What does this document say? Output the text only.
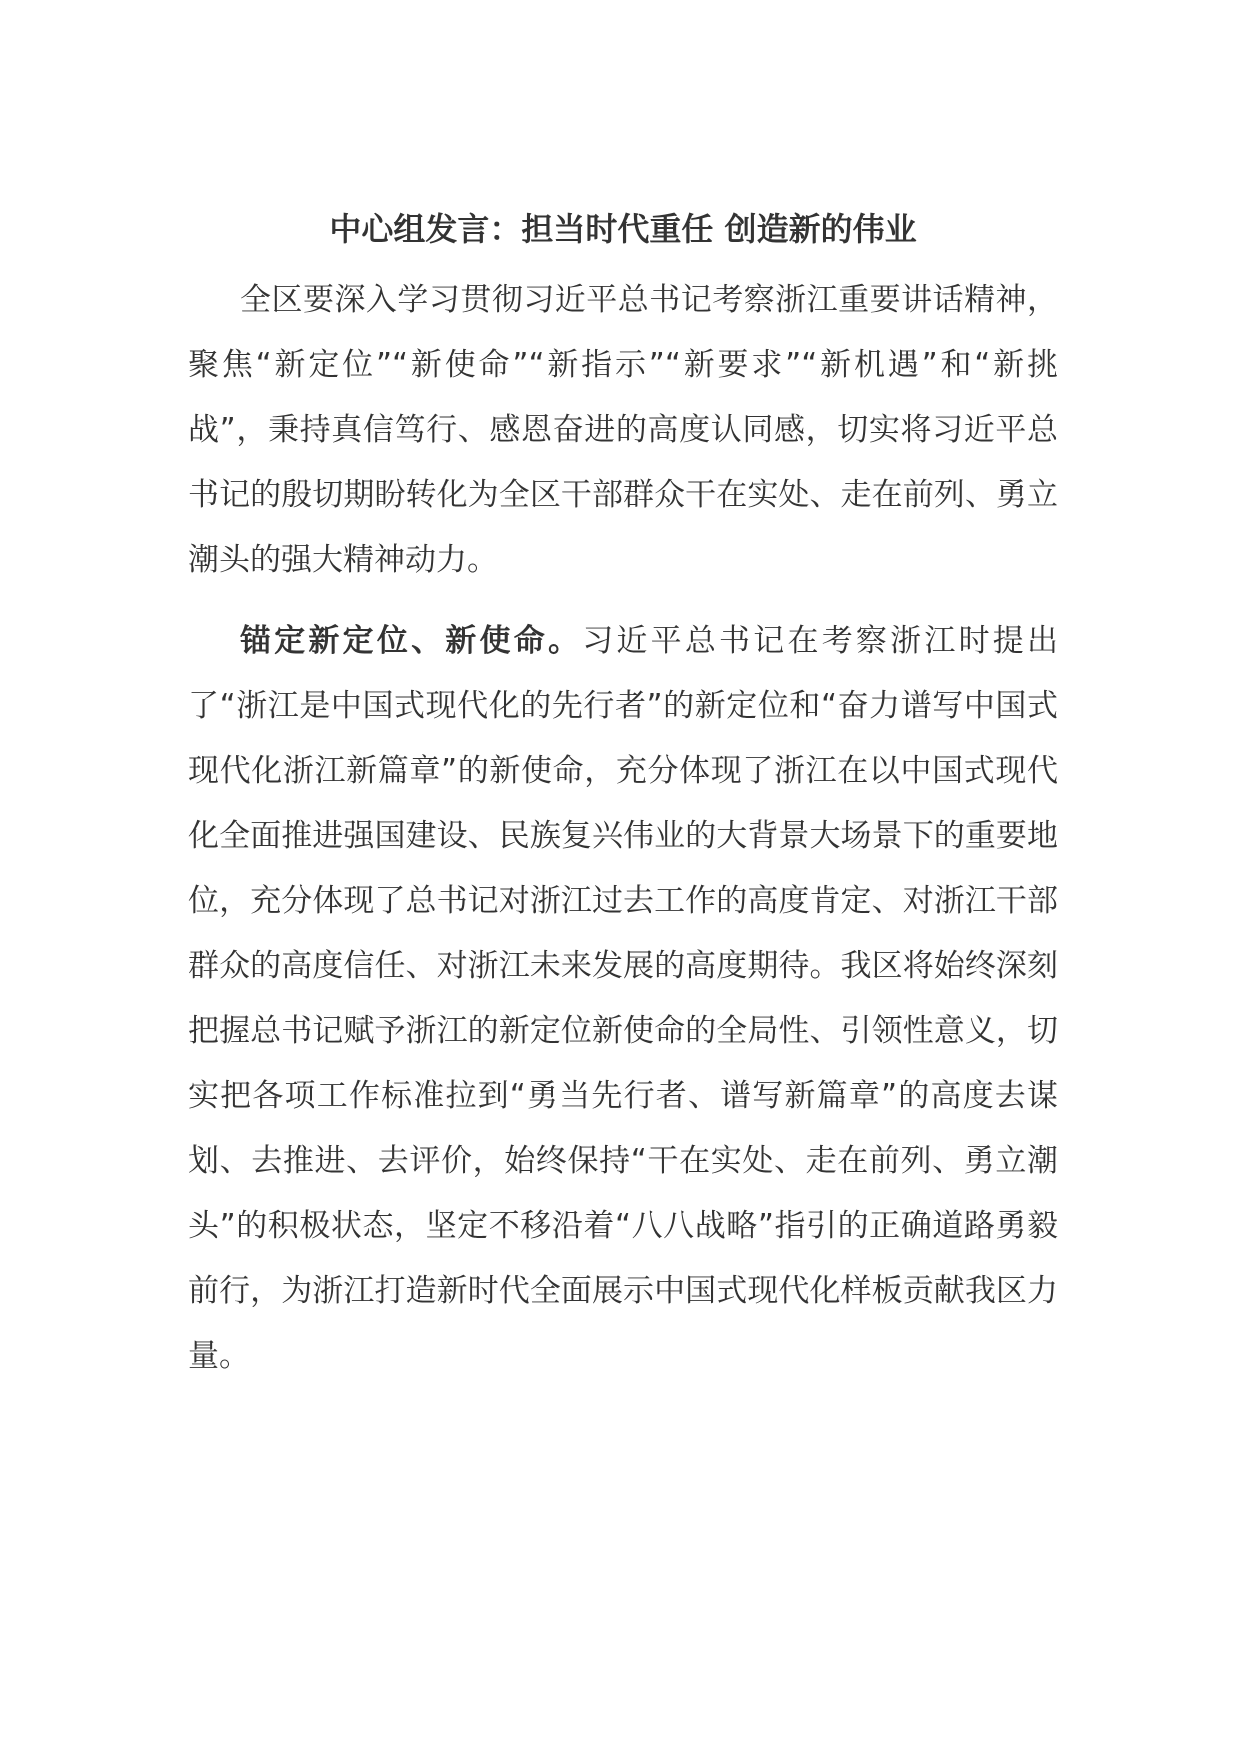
中心组发言：担当时代重任 创造新的伟业

全区要深入学习贯彻习近平总书记考察浙江重要讲话精神，聚焦“新定位”“新使命”“新指示”“新要求”“新机遇”和“新挑战”，秉持真信笃行、感恩奋进的高度认同感，切实将习近平总书记的殷切期盼转化为全区干部群众干在实处、走在前列、勇立潮头的强大精神动力。

锚定新定位、新使命。习近平总书记在考察浙江时提出了“浙江是中国式现代化的先行者”的新定位和“奋力谱写中国式现代化浙江新篇章”的新使命，充分体现了浙江在以中国式现代化全面推进强国建设、民族复兴伟业的大背景大场景下的重要地位，充分体现了总书记对浙江过去工作的高度肯定、对浙江干部群众的高度信任、对浙江未来发展的高度期待。我区将始终深刻把握总书记赋予浙江的新定位新使命的全局性、引领性意义，切实把各项工作标准拉到“勇当先行者、谱写新篇章”的高度去谋划、去推进、去评价，始终保持“干在实处、走在前列、勇立潮头”的积极状态，坚定不移沿着“八八战略”指引的正确道路勇毅前行，为浙江打造新时代全面展示中国式现代化样板贡献我区力量。
